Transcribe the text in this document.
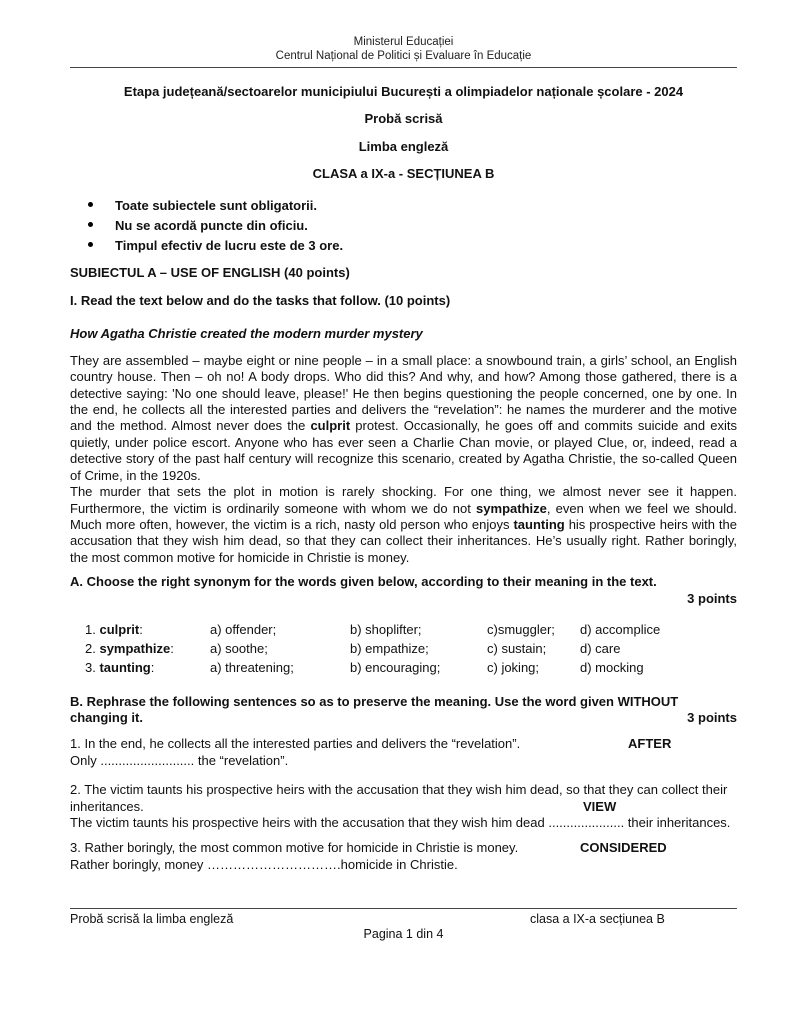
Ministerul Educației
Centrul Național de Politici și Evaluare în Educație
Etapa județeană/sectoarelor municipiului București a olimpiadelor naționale școlare - 2024
Probă scrisă
Limba engleză
CLASA a IX-a - SECȚIUNEA B
Toate subiectele sunt obligatorii.
Nu se acordă puncte din oficiu.
Timpul efectiv de lucru este de 3 ore.
SUBIECTUL A – USE OF ENGLISH (40 points)
I. Read the text below and do the tasks that follow. (10 points)
How Agatha Christie created the modern murder mystery
They are assembled – maybe eight or nine people – in a small place: a snowbound train, a girls’ school, an English country house. Then – oh no! A body drops. Who did this? And why, and how? Among those gathered, there is a detective saying: 'No one should leave, please!' He then begins questioning the people concerned, one by one. In the end, he collects all the interested parties and delivers the “revelation”: he names the murderer and the motive and the method. Almost never does the culprit protest. Occasionally, he goes off and commits suicide and exits quietly, under police escort. Anyone who has ever seen a Charlie Chan movie, or played Clue, or, indeed, read a detective story of the past half century will recognize this scenario, created by Agatha Christie, the so-called Queen of Crime, in the 1920s.
The murder that sets the plot in motion is rarely shocking. For one thing, we almost never see it happen. Furthermore, the victim is ordinarily someone with whom we do not sympathize, even when we feel we should. Much more often, however, the victim is a rich, nasty old person who enjoys taunting his prospective heirs with the accusation that they wish him dead, so that they can collect their inheritances. He’s usually right. Rather boringly, the most common motive for homicide in Christie is money.
A. Choose the right synonym for the words given below, according to their meaning in the text.
3 points
1. culprit:	a) offender;	b) shoplifter;	c)smuggler;	d) accomplice
2. sympathize:	a) soothe;	b) empathize;	c) sustain;	d) care
3. taunting:	a) threatening;	b) encouraging;	c) joking;	d) mocking
B. Rephrase the following sentences so as to preserve the meaning. Use the word given WITHOUT
changing it.	3 points
1. In the end, he collects all the interested parties and delivers the “revelation”.	AFTER
Only .......................... the “revelation”.
2. The victim taunts his prospective heirs with the accusation that they wish him dead, so that they can collect their inheritances.	VIEW
The victim taunts his prospective heirs with the accusation that they wish him dead ..................... their inheritances.
3. Rather boringly, the most common motive for homicide in Christie is money.	CONSIDERED
Rather boringly, money ………………………….homicide in Christie.
Probă scrisă la limba engleză	clasa a IX-a secțiunea B
Pagina 1 din 4
